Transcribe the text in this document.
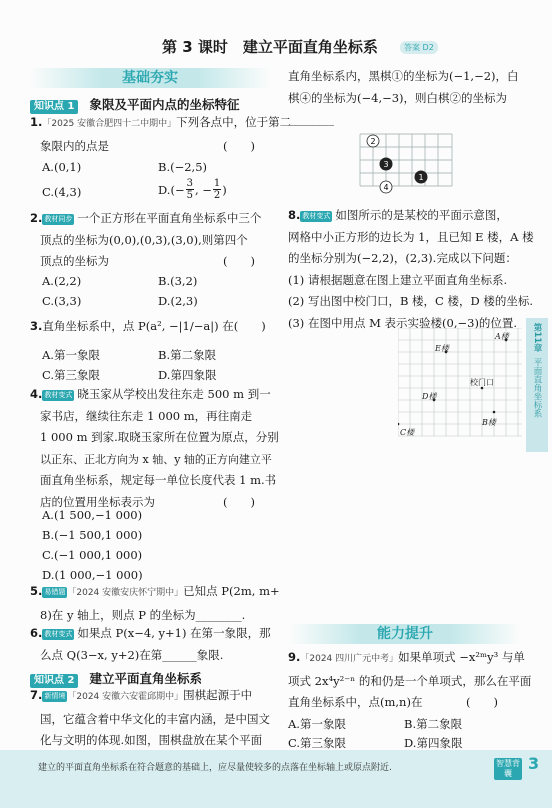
第 3 课时　建立平面直角坐标系	答案 D2
基础夯实
知识点 1 象限及平面内点的坐标特征
1.「2025 安徽合肥四十二中期中」下列各点中，位于第二
象限内的点是	(　　)
A.(0,1)	B.(−2,5)
C.(4,3)	$D.(- \frac{3}{5}$ , − $\frac{1}{2}$ )
2. 教材同步 一个正方形在平面直角坐标系中三个
顶点的坐标为(0,0),(0,3),(3,0),则第四个
顶点的坐标为	(　　)
A.(2,2)	B.(3,2)
C.(3,3)	D.(2,3)
3.直角坐标系中，点 P(a², −|1/−a|) 在 (　　)
A.第一象限	B.第二象限
C.第三象限	D.第四象限
4. 教材变式 晓玉家从学校出发往东走 500 m 到一
家书店，继续往东走 1 000 m，再往南走
1 000 m 到家.取晓玉家所在位置为原点，分别
以正东、正北方向为 x 轴、y 轴的正方向建立平
面直角坐标系，规定每一单位长度代表 1 m.书
店的位置用坐标表示为	(　　)
A.(1 500,−1 000)
B.(−1 500,1 000)
C.(−1 000,1 000)
D.(1 000,−1 000)
5. 易错题 「2024 安徽安庆怀宁期中」已知点 P(2m, m+
8)在 y 轴上，则点 P 的坐标为________.
6. 教材变式 如果点 P(x−4, y+1) 在第一象限，那
么点 Q(3−x, y+2)在第______象限.
知识点 2 建立平面直角坐标系
7. 新情境 「2024 安徽六安霍邱期中」围棋起源于中
国，它蕴含着中华文化的丰富内涵，是中国文
化与文明的体现.如图，围棋盘放在某个平面
直角坐标系内，黑棋①的坐标为(−1,−2)，白
棋④的坐标为(−4,−3)，则白棋②的坐标为
________
2
3
1
4
8. 教材变式 如图所示的是某校的平面示意图，
网格中小正方形的边长为 1，且已知 E 楼，A 楼
的坐标分别为(−2,2)，(2,3).完成以下问题：
(1) 请根据题意在图上建立平面直角坐标系.
(2) 写出图中校门口，B 楼，C 楼，D 楼的坐标.
(3) 在图中用点 M 表示实验楼(0,−3)的位置.
A楼
E楼
校门口
D楼
B楼
C楼
能力提升
9.「2024 四川广元中考」如果单项式 −x²ᵐy³ 与单
项式 2x⁴y²⁻ⁿ 的和仍是一个单项式，那么在平面
直角坐标系中，点(m,n)在	(　　)
A.第一象限	B.第二象限
C.第三象限	D.第四象限
第11章
平面直角坐标系
建立的平面直角坐标系在符合题意的基础上，应尽量使较多的点落在坐标轴上或原点附近.	智慧背囊
3
